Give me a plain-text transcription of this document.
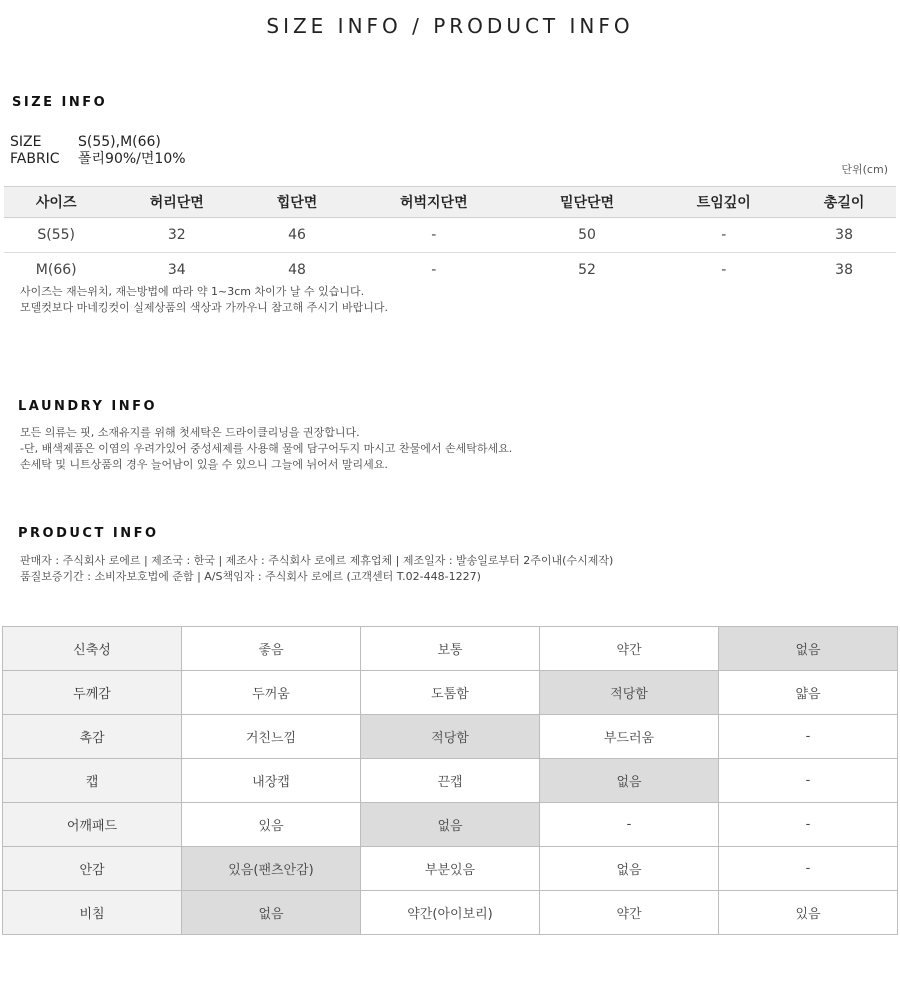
SIZE INFO / PRODUCT INFO
SIZE INFO
SIZE	S(55),M(66)
FABRIC 폴리90%/면10%
단위(cm)
사이즈	허리단면	힙단면	허벅지단면	밑단단면	트임깊이	총길이
S(55)	32	46	-	50	-	38
M(66)	34	48	-	52	-	38
사이즈는 재는위치, 재는방법에 따라 약 1~3cm 차이가 날 수 있습니다.
모델컷보다 마네킹컷이 실제상품의 색상과 가까우니 참고해 주시기 바랍니다.
LAUNDRY INFO
모든 의류는 핏, 소재유지를 위해 첫세탁은 드라이클리닝을 권장합니다.
-단, 배색제품은 이염의 우려가있어 중성세제를 사용해 물에 담구어두지 마시고 찬물에서 손세탁하세요.
손세탁 및 니트상품의 경우 늘어남이 있을 수 있으니 그늘에 뉘어서 말리세요.
PRODUCT INFO
판매자 : 주식회사 로에르 | 제조국 : 한국 | 제조사 : 주식회사 로에르 제휴업체 | 제조일자 : 발송일로부터 2주이내(수시제작)
품질보증기간 : 소비자보호법에 준함 | A/S책임자 : 주식회사 로에르 (고객센터 T.02-448-1227)
신축성	좋음	보통	약간	없음
두께감	두꺼움	도톰함	적당함	얇음
촉감	거친느낌	적당함	부드러움	-
캡	내장캡	끈캡	없음	-
어깨패드	있음	없음	-	-
안감	있음(팬츠안감)	부분있음	없음	-
비침	없음	약간(아이보리)	약간	있음
